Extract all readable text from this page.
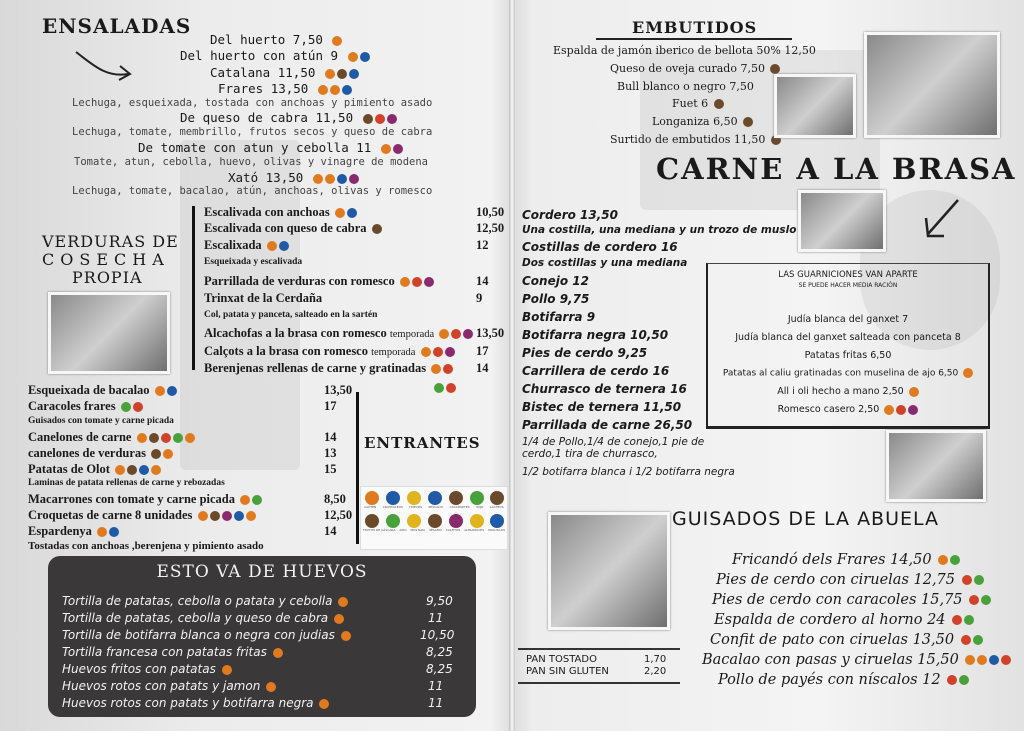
ENSALADAS
Del huerto 7,50
Del huerto con atún 9
Catalana 11,50
Frares 13,50
Lechuga, esqueixada, tostada con anchoas y pimiento asado
De queso de cabra 11,50
Lechuga, tomate, membrillo, frutos secos y queso de cabra
De tomate con atun y cebolla 11
Tomate, atun, cebolla, huevo, olivas y vinagre de modena
Xató 13,50
Lechuga, tomate, bacalao, atún, anchoas, olivas y romesco
VERDURAS DE
COSECHA
PROPIA
Escalivada con anchoas	10,50
Escalivada con queso de cabra	12,50
Escalixada	12
Esqueixada y escalivada
Parrillada de verduras con romesco	14
Trinxat de la Cerdaña	9
Col, patata y panceta, salteado en la sartén
Alcachofas a la brasa con romesco temporada	13,50
Calçots a la brasa con romesco temporada	17
Berenjenas rellenas de carne y gratinadas	14
Esqueixada de bacalao	13,50
Caracoles frares	17
Guisados con tomate y carne picada
Canelones de carne	14
canelones de verduras	13
Patatas de Olot	15
Laminas de patata rellenas de carne y rebozadas
Macarrones con tomate y carne picada	8,50
Croquetas de carne 8 unidades	12,50
Espardenya	14
Tostadas con anchoas ,berenjena y pimiento asado
ENTRANTES
GLUTEN CRUSTÁCEOS HUEVOS PESCADO CACAHUETES SOJA LÁCTEOS
FRUTOS DE CÁSCARA APIO MOSTAZA SÉSAMO SULFITOS ALTRAMUCES MOLUSCOS
ESTO VA DE HUEVOS
Tortilla de patatas, cebolla o patata y cebolla	9,50
Tortilla de patatas, cebolla y queso de cabra	11
Tortilla de botifarra blanca o negra con judias	10,50
Tortilla francesa con patatas fritas	8,25
Huevos fritos con patatas	8,25
Huevos rotos con patats y jamon	11
Huevos rotos con patats y botifarra negra	11
EMBUTIDOS
Espalda de jamón iberico de bellota 50% 12,50
Queso de oveja curado 7,50
Bull blanco o negro 7,50
Fuet 6
Longaniza 6,50
Surtido de embutidos 11,50
CARNE A LA BRASA
Cordero 13,50
Una costilla, una mediana y un trozo de muslo
Costillas de cordero 16
Dos costillas y una mediana
Conejo 12
Pollo 9,75
Botifarra 9
Botifarra negra 10,50
Pies de cerdo 9,25
Carrillera de cerdo 16
Churrasco de ternera 16
Bistec de ternera 11,50
Parrillada de carne 26,50
1/4 de Pollo,1/4 de conejo,1 pie de cerdo,1 tira de churrasco,
1/2 botifarra blanca i 1/2 botifarra negra
LAS GUARNICIONES VAN APARTE
SE PUEDE HACER MEDIA RACIÓN
Judía blanca del ganxet 7
Judía blanca del ganxet salteada con panceta 8
Patatas fritas 6,50
Patatas al caliu gratinadas con muselina de ajo 6,50
All i oli hecho a mano 2,50
Romesco casero 2,50
GUISADOS DE LA ABUELA
Fricandó dels Frares 14,50
Pies de cerdo con ciruelas 12,75
Pies de cerdo con caracoles 15,75
Espalda de cordero al horno 24
Confit de pato con ciruelas 13,50
Bacalao con pasas y ciruelas 15,50
Pollo de payés con níscalos 12
PAN TOSTADO	1,70
PAN SIN GLUTEN	2,20
